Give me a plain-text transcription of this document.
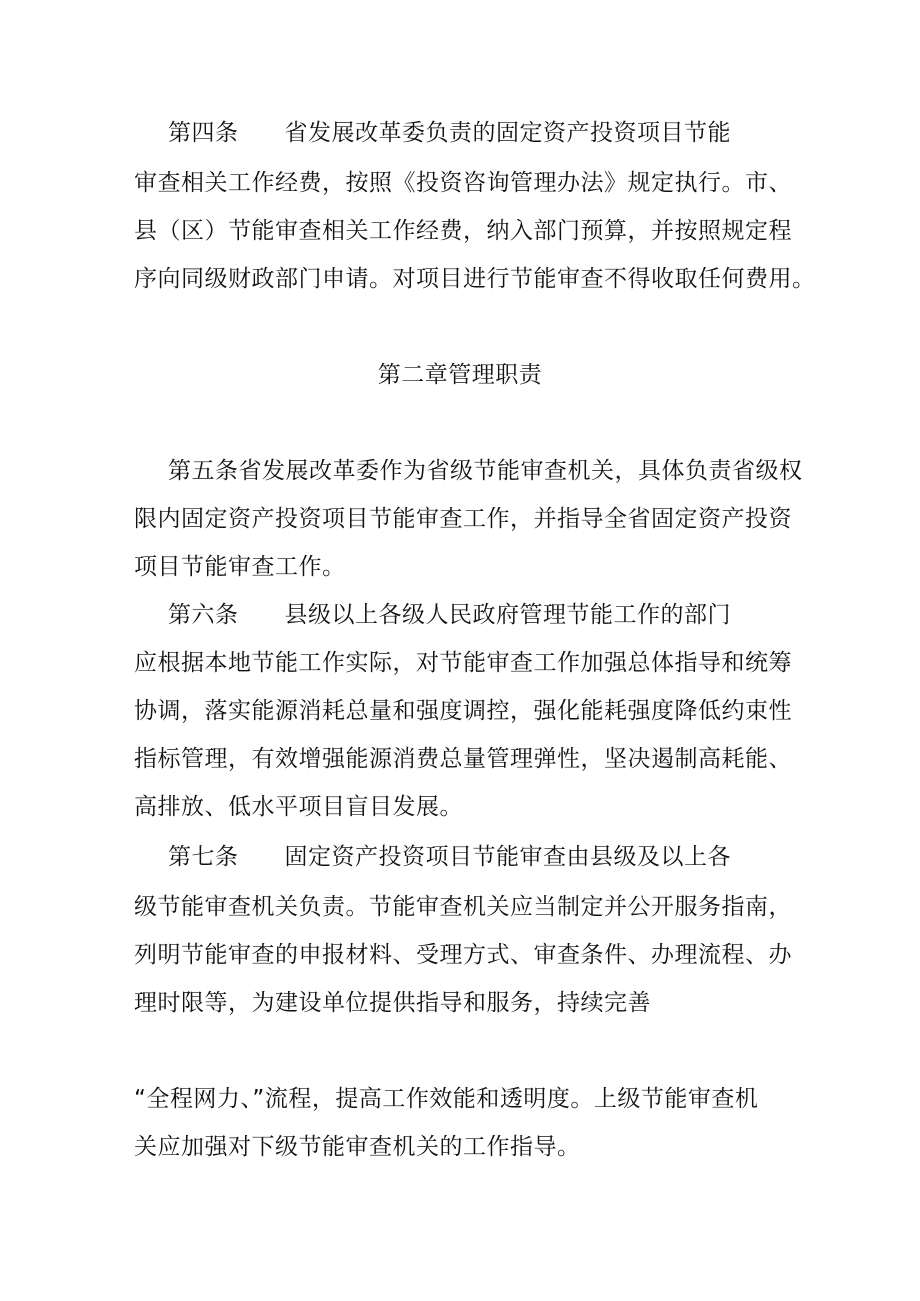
第四条 省发展改革委负责的固定资产投资项目节能
审查相关工作经费，按照《投资咨询管理办法》规定执行。市、
县（区）节能审查相关工作经费，纳入部门预算，并按照规定程
序向同级财政部门申请。对项目进行节能审查不得收取任何费用。
第二章管理职责
第五条省发展改革委作为省级节能审查机关，具体负责省级权
限内固定资产投资项目节能审查工作，并指导全省固定资产投资
项目节能审查工作。
第六条 县级以上各级人民政府管理节能工作的部门
应根据本地节能工作实际，对节能审查工作加强总体指导和统筹
协调，落实能源消耗总量和强度调控，强化能耗强度降低约束性
指标管理，有效增强能源消费总量管理弹性，坚决遏制高耗能、
高排放、低水平项目盲目发展。
第七条 固定资产投资项目节能审查由县级及以上各
级节能审查机关负责。节能审查机关应当制定并公开服务指南，
列明节能审查的申报材料、受理方式、审查条件、办理流程、办
理时限等，为建设单位提供指导和服务，持续完善
“全程网力、”流程，提高工作效能和透明度。上级节能审查机
关应加强对下级节能审查机关的工作指导。
